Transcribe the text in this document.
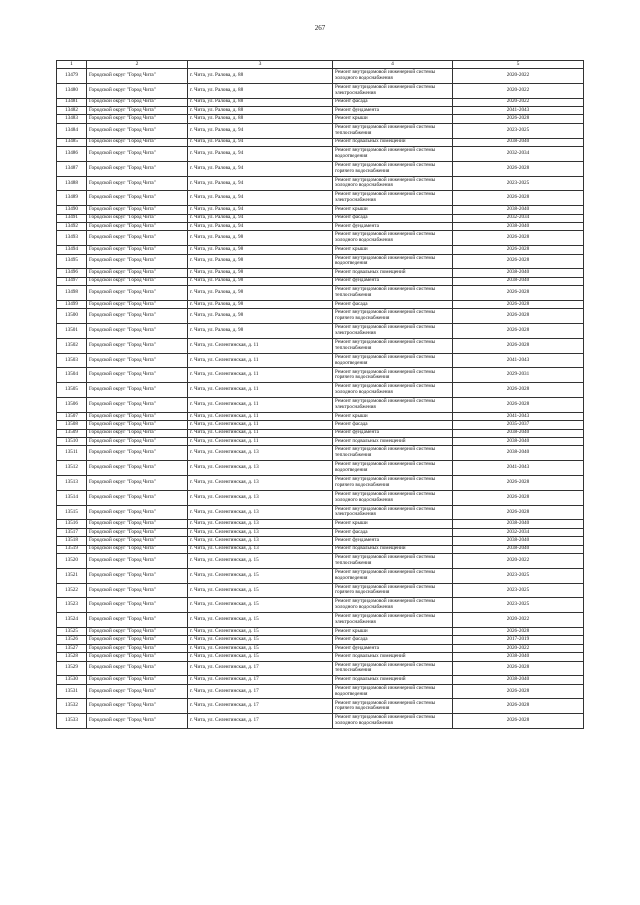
267
1	2	3	4	5
13479	Городской округ "Город Чита"	г. Чита, ул. Ралова, д. 88	Ремонт внутридомовой инженерной системы холодного водоснабжения	2020-2022
13480	Городской округ "Город Чита"	г. Чита, ул. Ралова, д. 88	Ремонт внутридомовой инженерной системы электроснабжения	2020-2022
13481	Городской округ "Город Чита"	г. Чита, ул. Ралова, д. 88	Ремонт фасада	2020-2022
13482	Городской округ "Город Чита"	г. Чита, ул. Ралова, д. 88	Ремонт фундамента	2041-2043
13483	Городской округ "Город Чита"	г. Чита, ул. Ралова, д. 88	Ремонт крыши	2026-2028
13484	Городской округ "Город Чита"	г. Чита, ул. Ралова, д. 94	Ремонт внутридомовой инженерной системы теплоснабжения	2023-2025
13485	Городской округ "Город Чита"	г. Чита, ул. Ралова, д. 94	Ремонт подвальных помещений	2038-2040
13486	Городской округ "Город Чита"	г. Чита, ул. Ралова, д. 94	Ремонт внутридомовой инженерной системы водоотведения	2032-2034
13487	Городской округ "Город Чита"	г. Чита, ул. Ралова, д. 94	Ремонт внутридомовой инженерной системы горячего водоснабжения	2026-2028
13488	Городской округ "Город Чита"	г. Чита, ул. Ралова, д. 94	Ремонт внутридомовой инженерной системы холодного водоснабжения	2023-2025
13489	Городской округ "Город Чита"	г. Чита, ул. Ралова, д. 94	Ремонт внутридомовой инженерной системы электроснабжения	2026-2028
13490	Городской округ "Город Чита"	г. Чита, ул. Ралова, д. 94	Ремонт крыши	2038-2040
13491	Городской округ "Город Чита"	г. Чита, ул. Ралова, д. 94	Ремонт фасада	2032-2034
13492	Городской округ "Город Чита"	г. Чита, ул. Ралова, д. 94	Ремонт фундамента	2038-2040
13493	Городской округ "Город Чита"	г. Чита, ул. Ралова, д. 98	Ремонт внутридомовой инженерной системы холодного водоснабжения	2026-2028
13494	Городской округ "Город Чита"	г. Чита, ул. Ралова, д. 98	Ремонт крыши	2026-2028
13495	Городской округ "Город Чита"	г. Чита, ул. Ралова, д. 98	Ремонт внутридомовой инженерной системы водоотведения	2026-2028
13496	Городской округ "Город Чита"	г. Чита, ул. Ралова, д. 98	Ремонт подвальных помещений	2038-2040
13497	Городской округ "Город Чита"	г. Чита, ул. Ралова, д. 98	Ремонт фундамента	2038-2040
13498	Городской округ "Город Чита"	г. Чита, ул. Ралова, д. 98	Ремонт внутридомовой инженерной системы теплоснабжения	2026-2028
13499	Городской округ "Город Чита"	г. Чита, ул. Ралова, д. 98	Ремонт фасада	2026-2028
13500	Городской округ "Город Чита"	г. Чита, ул. Ралова, д. 98	Ремонт внутридомовой инженерной системы горячего водоснабжения	2026-2028
13501	Городской округ "Город Чита"	г. Чита, ул. Ралова, д. 98	Ремонт внутридомовой инженерной системы электроснабжения	2026-2028
13502	Городской округ "Город Чита"	г. Чита, ул. Селенгинская, д. 11	Ремонт внутридомовой инженерной системы теплоснабжения	2026-2028
13503	Городской округ "Город Чита"	г. Чита, ул. Селенгинская, д. 11	Ремонт внутридомовой инженерной системы водоотведения	2041-2043
13504	Городской округ "Город Чита"	г. Чита, ул. Селенгинская, д. 11	Ремонт внутридомовой инженерной системы горячего водоснабжения	2029-2031
13505	Городской округ "Город Чита"	г. Чита, ул. Селенгинская, д. 11	Ремонт внутридомовой инженерной системы холодного водоснабжения	2026-2028
13506	Городской округ "Город Чита"	г. Чита, ул. Селенгинская, д. 11	Ремонт внутридомовой инженерной системы электроснабжения	2026-2028
13507	Городской округ "Город Чита"	г. Чита, ул. Селенгинская, д. 11	Ремонт крыши	2041-2043
13508	Городской округ "Город Чита"	г. Чита, ул. Селенгинская, д. 11	Ремонт фасада	2035-2037
13509	Городской округ "Город Чита"	г. Чита, ул. Селенгинская, д. 11	Ремонт фундамента	2038-2040
13510	Городской округ "Город Чита"	г. Чита, ул. Селенгинская, д. 11	Ремонт подвальных помещений	2038-2040
13511	Городской округ "Город Чита"	г. Чита, ул. Селенгинская, д. 13	Ремонт внутридомовой инженерной системы теплоснабжения	2038-2040
13512	Городской округ "Город Чита"	г. Чита, ул. Селенгинская, д. 13	Ремонт внутридомовой инженерной системы водоотведения	2041-2043
13513	Городской округ "Город Чита"	г. Чита, ул. Селенгинская, д. 13	Ремонт внутридомовой инженерной системы горячего водоснабжения	2026-2028
13514	Городской округ "Город Чита"	г. Чита, ул. Селенгинская, д. 13	Ремонт внутридомовой инженерной системы холодного водоснабжения	2026-2028
13515	Городской округ "Город Чита"	г. Чита, ул. Селенгинская, д. 13	Ремонт внутридомовой инженерной системы электроснабжения	2026-2028
13516	Городской округ "Город Чита"	г. Чита, ул. Селенгинская, д. 13	Ремонт крыши	2038-2040
13517	Городской округ "Город Чита"	г. Чита, ул. Селенгинская, д. 13	Ремонт фасада	2032-2034
13518	Городской округ "Город Чита"	г. Чита, ул. Селенгинская, д. 13	Ремонт фундамента	2038-2040
13519	Городской округ "Город Чита"	г. Чита, ул. Селенгинская, д. 13	Ремонт подвальных помещений	2038-2040
13520	Городской округ "Город Чита"	г. Чита, ул. Селенгинская, д. 15	Ремонт внутридомовой инженерной системы теплоснабжения	2020-2022
13521	Городской округ "Город Чита"	г. Чита, ул. Селенгинская, д. 15	Ремонт внутридомовой инженерной системы водоотведения	2023-2025
13522	Городской округ "Город Чита"	г. Чита, ул. Селенгинская, д. 15	Ремонт внутридомовой инженерной системы горячего водоснабжения	2023-2025
13523	Городской округ "Город Чита"	г. Чита, ул. Селенгинская, д. 15	Ремонт внутридомовой инженерной системы холодного водоснабжения	2023-2025
13524	Городской округ "Город Чита"	г. Чита, ул. Селенгинская, д. 15	Ремонт внутридомовой инженерной системы электроснабжения	2020-2022
13525	Городской округ "Город Чита"	г. Чита, ул. Селенгинская, д. 15	Ремонт крыши	2026-2028
13526	Городской округ "Город Чита"	г. Чита, ул. Селенгинская, д. 15	Ремонт фасада	2017-2019
13527	Городской округ "Город Чита"	г. Чита, ул. Селенгинская, д. 15	Ремонт фундамента	2020-2022
13528	Городской округ "Город Чита"	г. Чита, ул. Селенгинская, д. 15	Ремонт подвальных помещений	2038-2040
13529	Городской округ "Город Чита"	г. Чита, ул. Селенгинская, д. 17	Ремонт внутридомовой инженерной системы теплоснабжения	2026-2028
13530	Городской округ "Город Чита"	г. Чита, ул. Селенгинская, д. 17	Ремонт подвальных помещений	2038-2040
13531	Городской округ "Город Чита"	г. Чита, ул. Селенгинская, д. 17	Ремонт внутридомовой инженерной системы водоотведения	2026-2028
13532	Городской округ "Город Чита"	г. Чита, ул. Селенгинская, д. 17	Ремонт внутридомовой инженерной системы горячего водоснабжения	2026-2028
13533	Городской округ "Город Чита"	г. Чита, ул. Селенгинская, д. 17	Ремонт внутридомовой инженерной системы холодного водоснабжения	2026-2028
